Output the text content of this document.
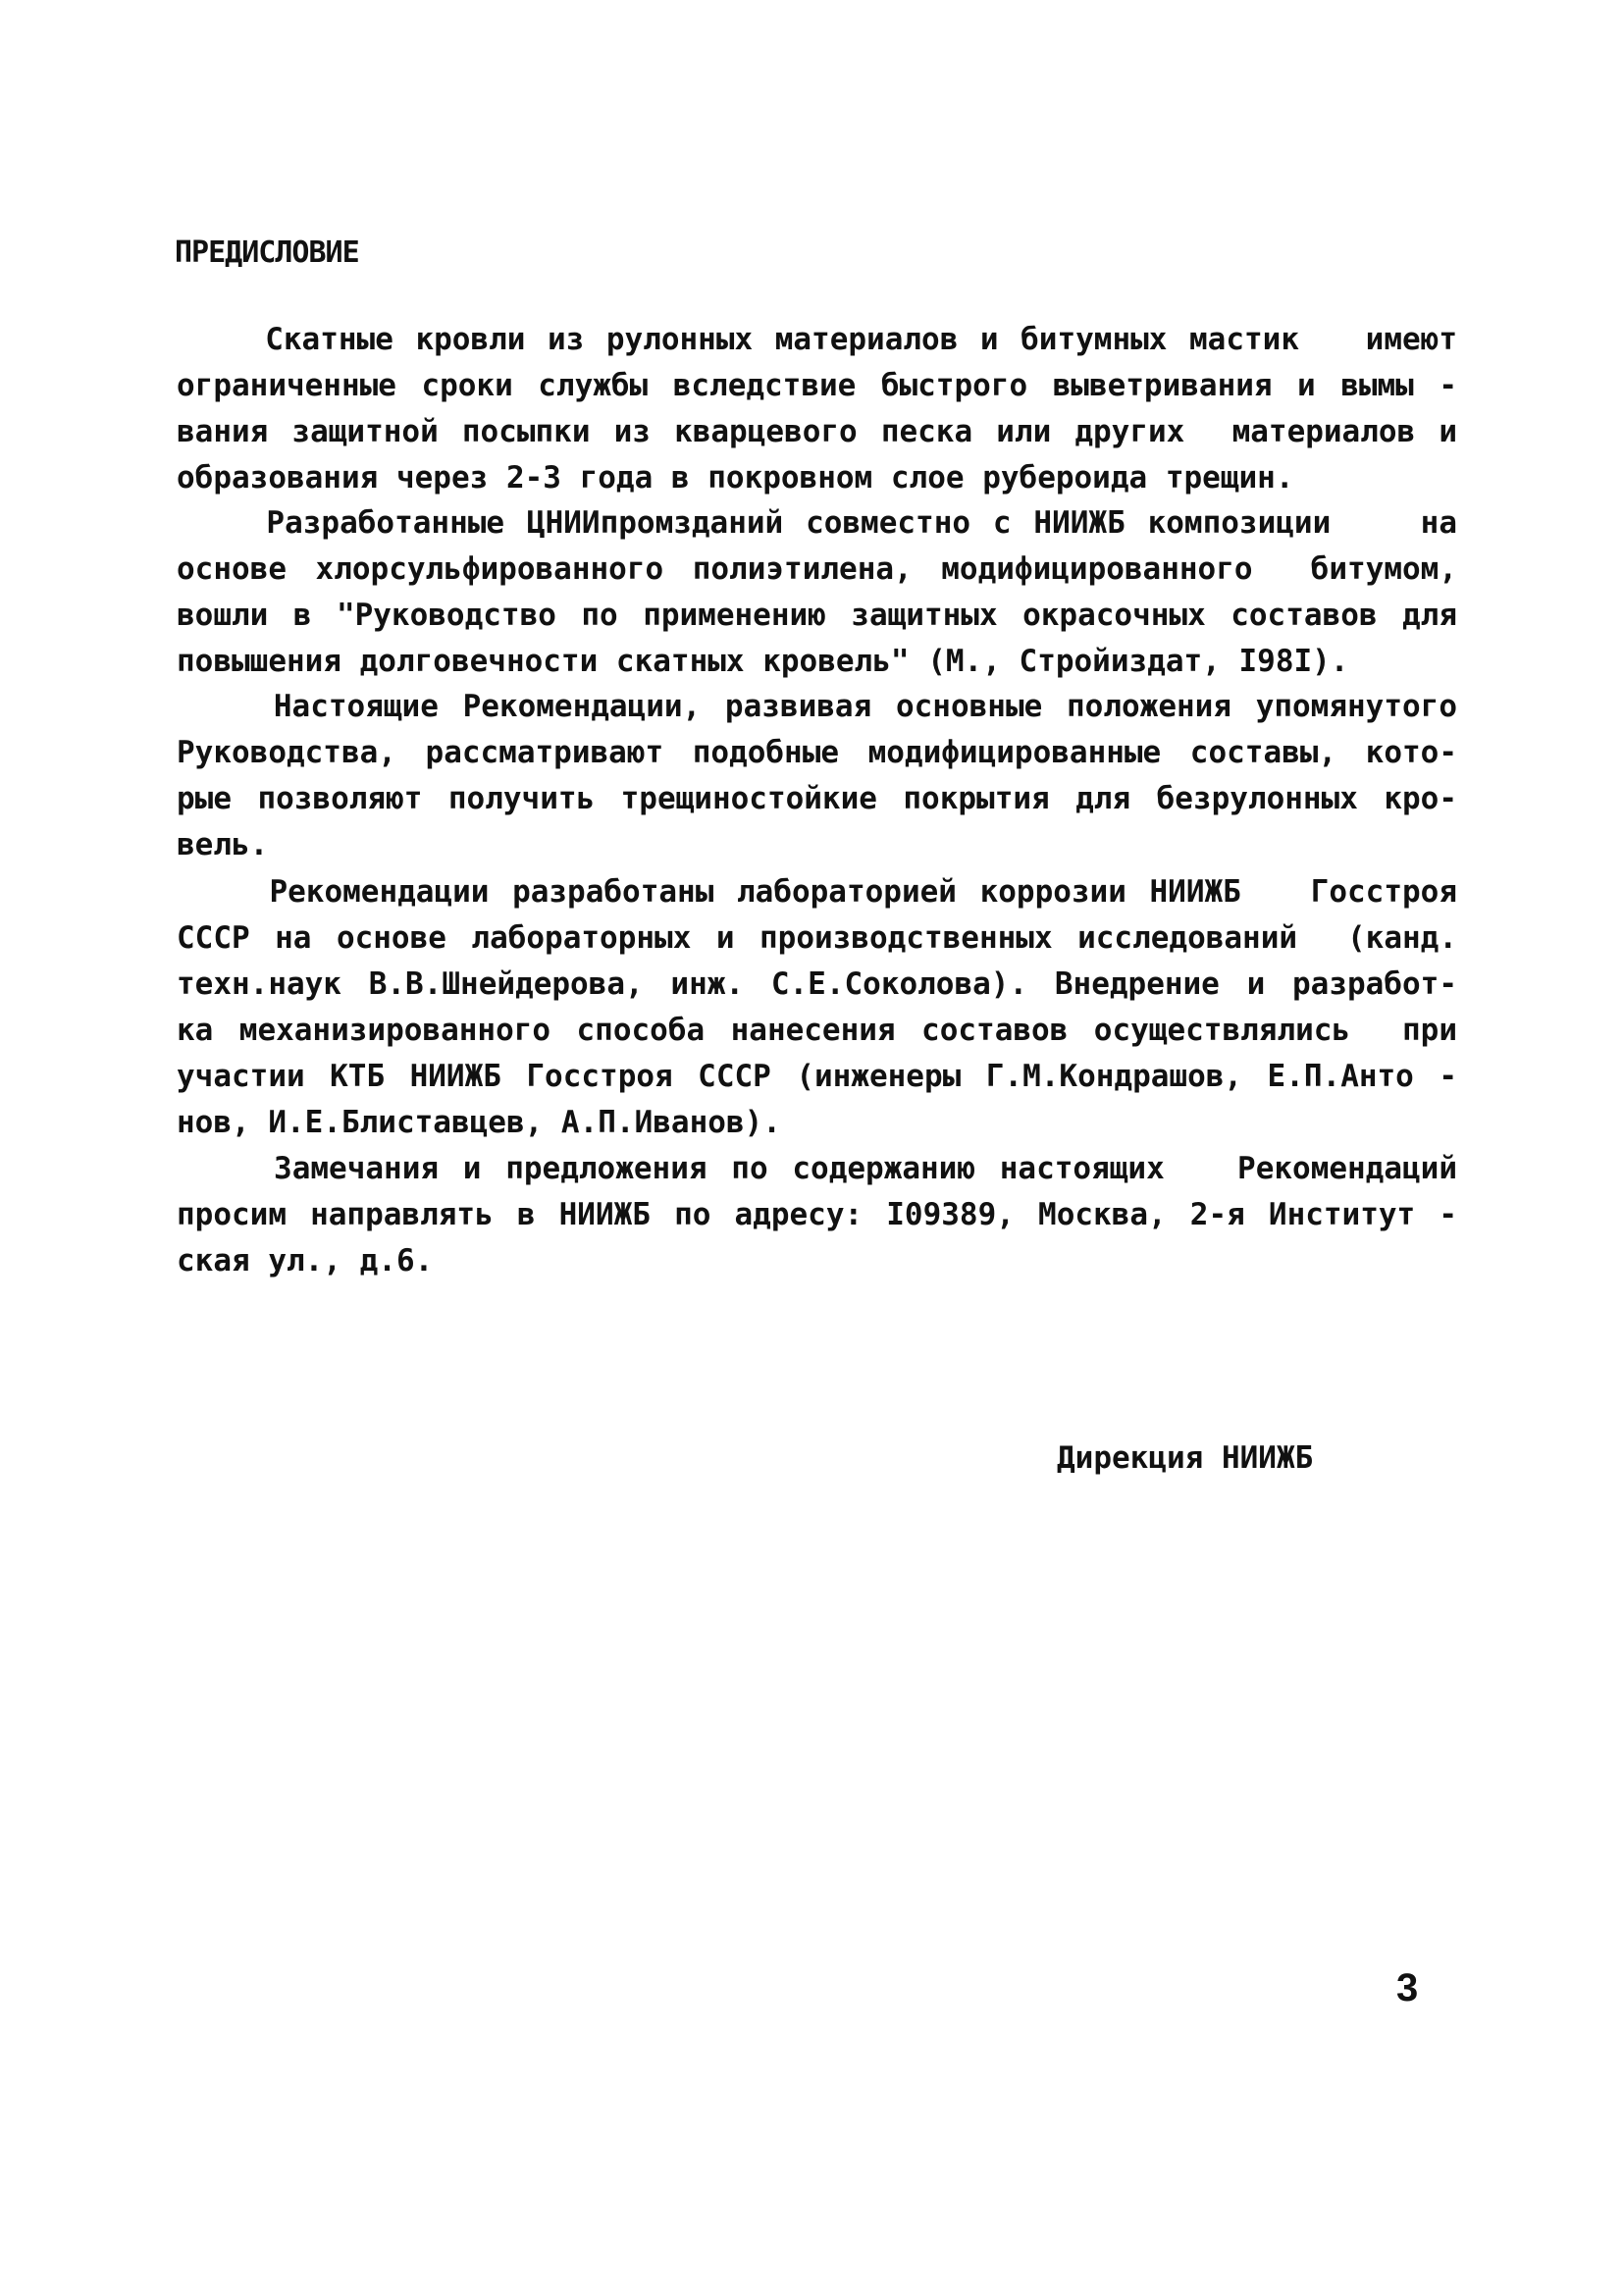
ПРЕДИСЛОВИЕ
Скатные кровли из рулонных материалов и битумных мастик   имеют
ограниченные сроки службы вследствие быстрого выветривания и вымы -
вания защитной посыпки из кварцевого песка или других  материалов и
образования через 2-3 года в покровном слое рубероида трещин.
Разработанные ЦНИИпромзданий совместно с НИИЖБ композиции    на
основе хлорсульфированного полиэтилена, модифицированного  битумом,
вошли в "Руководство по применению защитных окрасочных составов для
повышения долговечности скатных кровель" (М., Стройиздат, I98I).
Настоящие Рекомендации, развивая основные положения упомянутого
Руководства, рассматривают подобные модифицированные составы, кото-
рые позволяют получить трещиностойкие покрытия для безрулонных кро-
вель.
Рекомендации разработаны лабораторией коррозии НИИЖБ   Госстроя
СССР на основе лабораторных и производственных исследований  (канд.
техн.наук В.В.Шнейдерова, инж. С.Е.Соколова). Внедрение и разработ-
ка механизированного способа нанесения составов осуществлялись  при
участии КТБ НИИЖБ Госстроя СССР (инженеры Г.М.Кондрашов, Е.П.Анто -
нов, И.Е.Блиставцев, А.П.Иванов).
Замечания и предложения по содержанию настоящих   Рекомендаций
просим направлять в НИИЖБ по адресу: I09389, Москва, 2-я Институт -
ская ул., д.6.
Дирекция НИИЖБ
3
